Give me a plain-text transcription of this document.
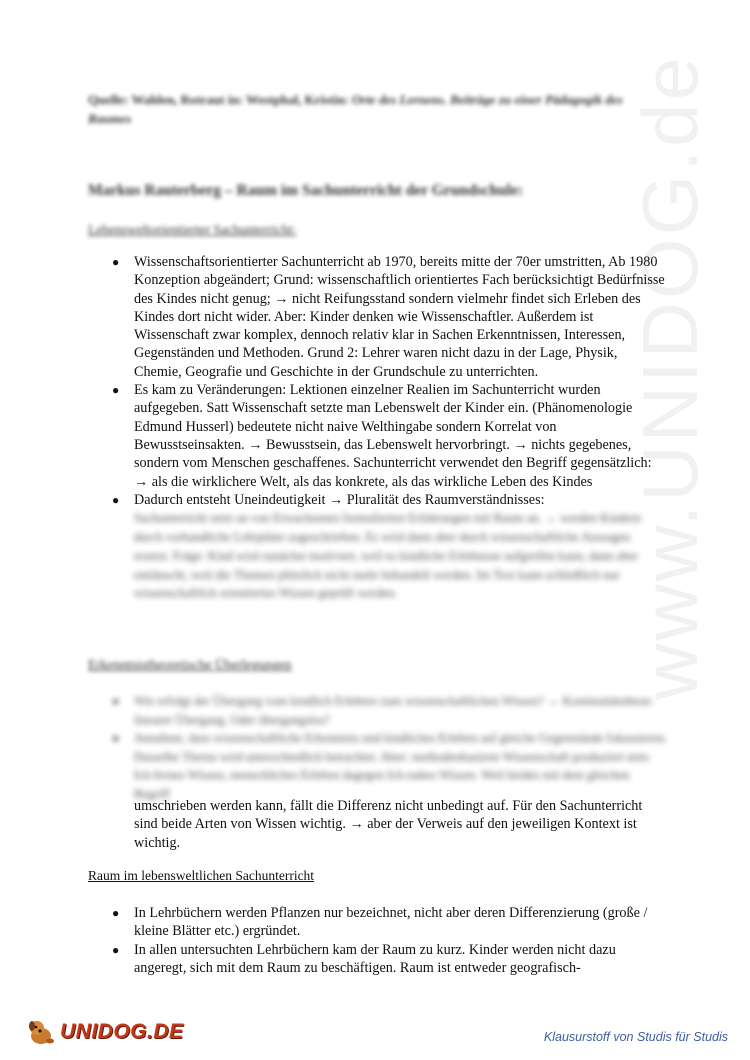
www.UNIDOG.de
Quelle: Wahlen, Rotraut in: Westphal, Kristin: Orte des Lernens. Beiträge zu einer Pädagogik des Raumes
Markus Rauterberg – Raum im Sachunterricht der Grundschule:
Lebensweltorientierter Sachunterricht:
● Wissenschaftsorientierter Sachunterricht ab 1970, bereits mitte der 70er umstritten, Ab 1980 Konzeption abgeändert; Grund: wissenschaftlich orientiertes Fach berücksichtigt Bedürfnisse des Kindes nicht genug; → nicht Reifungsstand sondern vielmehr findet sich Erleben des Kindes dort nicht wider. Aber: Kinder denken wie Wissenschaftler. Außerdem ist Wissenschaft zwar komplex, dennoch relativ klar in Sachen Erkenntnissen, Interessen, Gegenständen und Methoden. Grund 2: Lehrer waren nicht dazu in der Lage, Physik, Chemie, Geografie und Geschichte in der Grundschule zu unterrichten.
● Es kam zu Veränderungen: Lektionen einzelner Realien im Sachunterricht wurden aufgegeben. Satt Wissenschaft setzte man Lebenswelt der Kinder ein. (Phänomenologie Edmund Husserl) bedeutete nicht naive Welthingabe sondern Korrelat von Bewusstseinsakten. → Bewusstsein, das Lebenswelt hervorbringt. → nichts gegebenes, sondern vom Menschen geschaffenes. Sachunterricht verwendet den Begriff gegensätzlich: → als die wirklichere Welt, als das konkrete, als das wirkliche Leben des Kindes
● Dadurch entsteht Uneindeutigkeit → Pluralität des Raumverständnisses:
Sachunterricht setzt an von Erwachsenen formulierten Erfahrungen mit Raum an. → werden Kindern durch vorhandliche Lehrpläne zugeschrieben. Es wird dann aber durch wissenschaftliche Aussagen ersetzt. Folge: Kind wird zunächst motiviert, weil es kindliche Erlebnisse aufgreifen kann, dann aber enttäuscht, weil die Themen plötzlich nicht mehr behandelt werden. Im Text kann schließlich nur wissenschaftlich orientiertes Wissen geprüft werden.
Erkenntnistheoretische Überlegungen
● Wie erfolgt der Übergang vom kindlich Erlebten zum wissenschaftlichen Wissen? → Kontinuitätsthese: linearer Übergang. Oder übergangslos?
● Annahme, dass wissenschaftliche Erkenntnis und kindliches Erleben auf gleiche Gegenstände fokussieren. Dasselbe Thema wird unterschiedlich betrachtet. Aber: methodenbasierte Wissenschaft produziert stets Ich-fernes Wissen, menschliches Erleben dagegen Ich-nahes Wissen. Weil beides mit dem gleichen Begriff
umschrieben werden kann, fällt die Differenz nicht unbedingt auf. Für den Sachunterricht sind beide Arten von Wissen wichtig. → aber der Verweis auf den jeweiligen Kontext ist wichtig.
Raum im lebensweltlichen Sachunterricht
● In Lehrbüchern werden Pflanzen nur bezeichnet, nicht aber deren Differenzierung (große / kleine Blätter etc.) ergründet.
● In allen untersuchten Lehrbüchern kam der Raum zu kurz. Kinder werden nicht dazu angeregt, sich mit dem Raum zu beschäftigen. Raum ist entweder geografisch-
UNIDOG.DE	Klausurstoff von Studis für Studis
